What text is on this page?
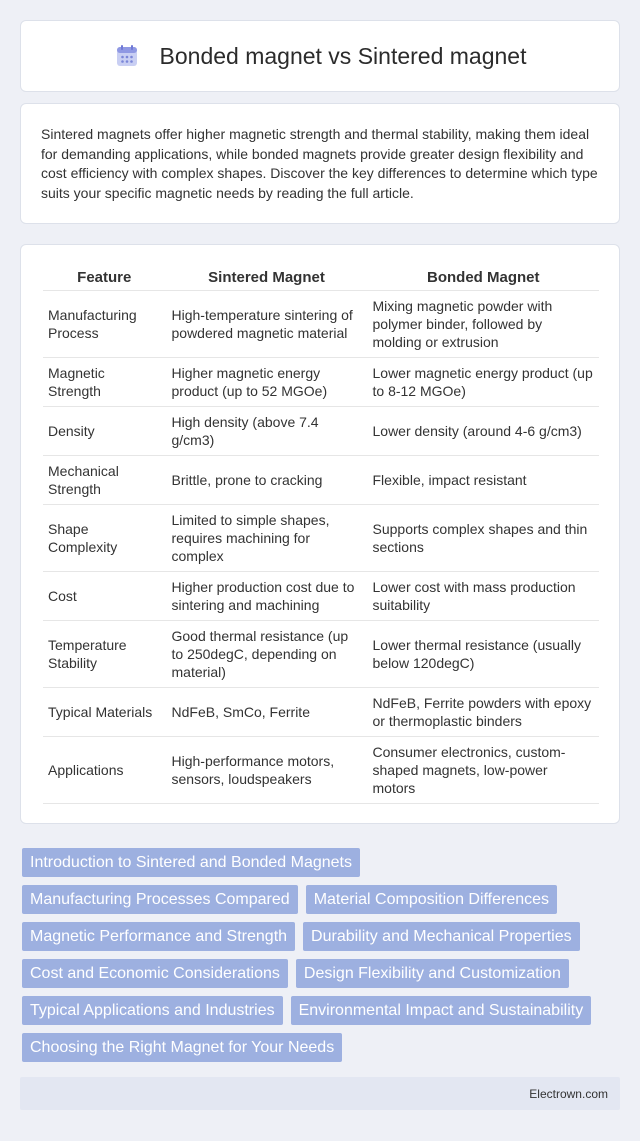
Bonded magnet vs Sintered magnet

Sintered magnets offer higher magnetic strength and thermal stability, making them ideal for demanding applications, while bonded magnets provide greater design flexibility and cost efficiency with complex shapes. Discover the key differences to determine which type suits your specific magnetic needs by reading the full article.

Feature	Sintered Magnet	Bonded Magnet
Manufacturing Process	High-temperature sintering of powdered magnetic material	Mixing magnetic powder with polymer binder, followed by molding or extrusion
Magnetic Strength	Higher magnetic energy product (up to 52 MGOe)	Lower magnetic energy product (up to 8-12 MGOe)
Density	High density (above 7.4 g/cm3)	Lower density (around 4-6 g/cm3)
Mechanical Strength	Brittle, prone to cracking	Flexible, impact resistant
Shape Complexity	Limited to simple shapes, requires machining for complex	Supports complex shapes and thin sections
Cost	Higher production cost due to sintering and machining	Lower cost with mass production suitability
Temperature Stability	Good thermal resistance (up to 250degC, depending on material)	Lower thermal resistance (usually below 120degC)
Typical Materials	NdFeB, SmCo, Ferrite	NdFeB, Ferrite powders with epoxy or thermoplastic binders
Applications	High-performance motors, sensors, loudspeakers	Consumer electronics, custom-shaped magnets, low-power motors
Introduction to Sintered and Bonded Magnets
Manufacturing Processes Compared	Material Composition Differences
Magnetic Performance and Strength	Durability and Mechanical Properties
Cost and Economic Considerations	Design Flexibility and Customization
Typical Applications and Industries	Environmental Impact and Sustainability
Choosing the Right Magnet for Your Needs
Electrown.com
